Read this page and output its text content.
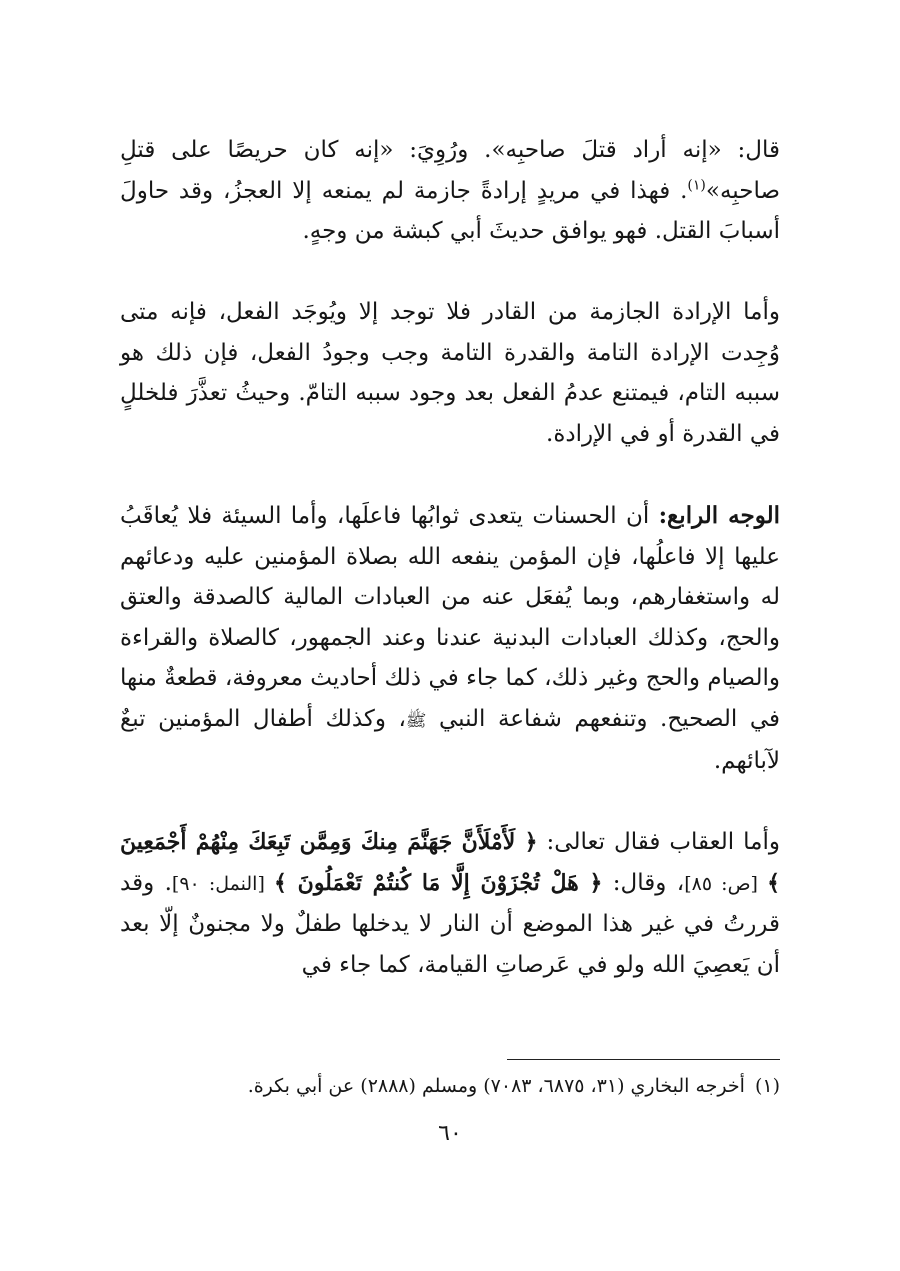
قال: «إنه أراد قتلَ صاحبِه». ورُوِيَ: «إنه كان حريصًا على قتلِ صاحبِه»$^{(١)}$. فهذا في مريدٍ إرادةً جازمة لم يمنعه إلا العجزُ، وقد حاولَ أسبابَ القتل. فهو يوافق حديثَ أبي كبشة من وجهٍ.

وأما الإرادة الجازمة من القادر فلا توجد إلا ويُوجَد الفعل، فإنه متى وُجِدت الإرادة التامة والقدرة التامة وجب وجودُ الفعل، فإن ذلك هو سببه التام، فيمتنع عدمُ الفعل بعد وجود سببه التامّ. وحيثُ تعذَّرَ فلخللٍ في القدرة أو في الإرادة.

الوجه الرابع: أن الحسنات يتعدى ثوابُها فاعلَها، وأما السيئة فلا يُعاقَبُ عليها إلا فاعلُها، فإن المؤمن ينفعه الله بصلاة المؤمنين عليه ودعائهم له واستغفارهم، وبما يُفعَل عنه من العبادات المالية كالصدقة والعتق والحج، وكذلك العبادات البدنية عندنا وعند الجمهور، كالصلاة والقراءة والصيام والحج وغير ذلك، كما جاء في ذلك أحاديث معروفة، قطعةٌ منها في الصحيح. وتنفعهم شفاعة النبي ﷺ، وكذلك أطفال المؤمنين تبعٌ لآبائهم.

وأما العقاب فقال تعالى: ﴿ لَأَمْلَأَنَّ جَهَنَّمَ مِنكَ وَمِمَّن تَبِعَكَ مِنْهُمْ أَجْمَعِينَ ﴾ [ص: ٨٥]، وقال: ﴿ هَلْ تُجْزَوْنَ إِلَّا مَا كُنتُمْ تَعْمَلُونَ ﴾ [النمل: ٩٠]. وقد قررتُ في غير هذا الموضع أن النار لا يدخلها طفلٌ ولا مجنونٌ إلّا بعد أن يَعصِيَ الله ولو في عَرصاتِ القيامة، كما جاء في

(١)أخرجه البخاري (٣١، ٦٨٧٥، ٧٠٨٣) ومسلم (٢٨٨٨) عن أبي بكرة.

٦٠
